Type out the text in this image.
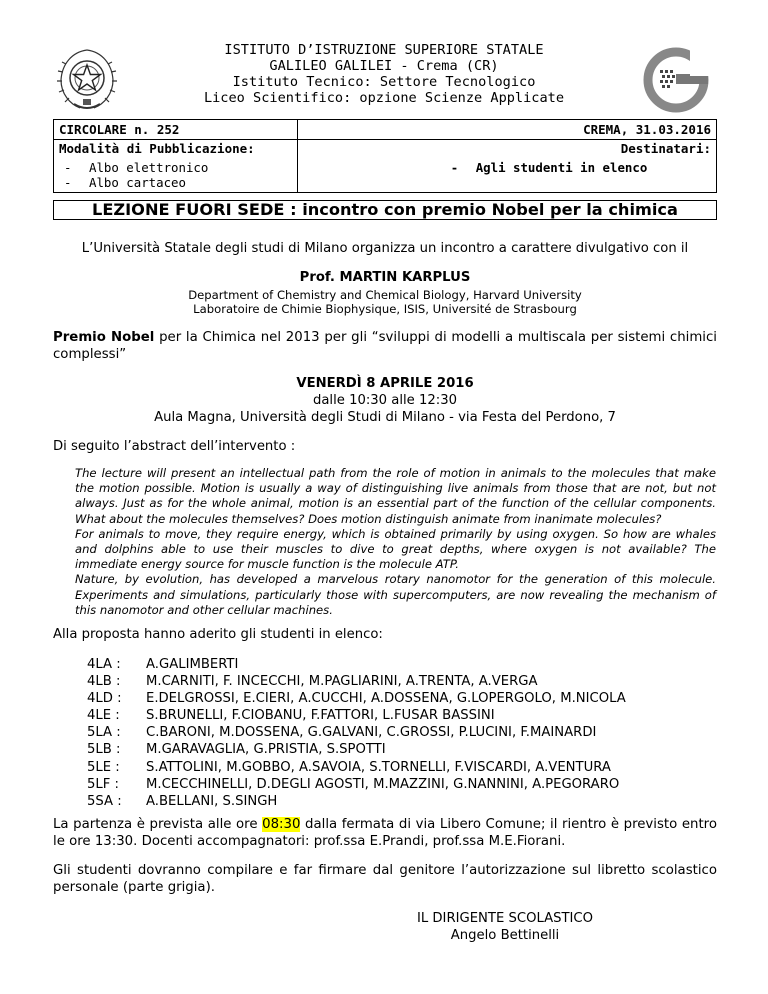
ISTITUTO D’ISTRUZIONE SUPERIORE STATALE
GALILEO GALILEI - Crema (CR)
Istituto Tecnico: Settore Tecnologico
Liceo Scientifico: opzione Scienze Applicate
CIRCOLARE n. 252	CREMA, 31.03.2016
Modalità di Pubblicazione:	Destinatari:

- Albo elettronico
- Albo cartaceo	- Agli studenti in elenco
LEZIONE FUORI SEDE : incontro con premio Nobel per la chimica
L’Università Statale degli studi di Milano organizza un incontro a carattere divulgativo con il
Prof. MARTIN KARPLUS
Department of Chemistry and Chemical Biology, Harvard University
Laboratoire de Chimie Biophysique, ISIS, Université de Strasbourg
Premio Nobel per la Chimica nel 2013 per gli “sviluppi di modelli a multiscala per sistemi chimici complessi”
VENERDÌ 8 APRILE 2016
dalle 10:30 alle 12:30
Aula Magna, Università degli Studi di Milano - via Festa del Perdono, 7
Di seguito l’abstract dell’intervento :
The lecture will present an intellectual path from the role of motion in animals to the molecules that make
the motion possible. Motion is usually a way of distinguishing live animals from those that are not, but not
always. Just as for the whole animal, motion is an essential part of the function of the cellular components.
What about the molecules themselves? Does motion distinguish animate from inanimate molecules?
For animals to move, they require energy, which is obtained primarily by using oxygen. So how are whales
and dolphins able to use their muscles to dive to great depths, where oxygen is not available? The
immediate energy source for muscle function is the molecule ATP.
Nature, by evolution, has developed a marvelous rotary nanomotor for the generation of this molecule.
Experiments and simulations, particularly those with supercomputers, are now revealing the mechanism of
this nanomotor and other cellular machines.
Alla proposta hanno aderito gli studenti in elenco:
4LA : A.GALIMBERTI
4LB : M.CARNITI, F. INCECCHI, M.PAGLIARINI, A.TRENTA, A.VERGA
4LD : E.DELGROSSI, E.CIERI, A.CUCCHI, A.DOSSENA, G.LOPERGOLO, M.NICOLA
4LE : S.BRUNELLI, F.CIOBANU, F.FATTORI, L.FUSAR BASSINI
5LA : C.BARONI, M.DOSSENA, G.GALVANI, C.GROSSI, P.LUCINI, F.MAINARDI
5LB : M.GARAVAGLIA, G.PRISTIA, S.SPOTTI
5LE : S.ATTOLINI, M.GOBBO, A.SAVOIA, S.TORNELLI, F.VISCARDI, A.VENTURA
5LF : M.CECCHINELLI, D.DEGLI AGOSTI, M.MAZZINI, G.NANNINI, A.PEGORARO
5SA : A.BELLANI, S.SINGH
La partenza è prevista alle ore 08:30 dalla fermata di via Libero Comune; il rientro è previsto entro le ore 13:30. Docenti accompagnatori: prof.ssa E.Prandi, prof.ssa M.E.Fiorani.
Gli studenti dovranno compilare e far firmare dal genitore l’autorizzazione sul libretto scolastico personale (parte grigia).
IL DIRIGENTE SCOLASTICO
Angelo Bettinelli
